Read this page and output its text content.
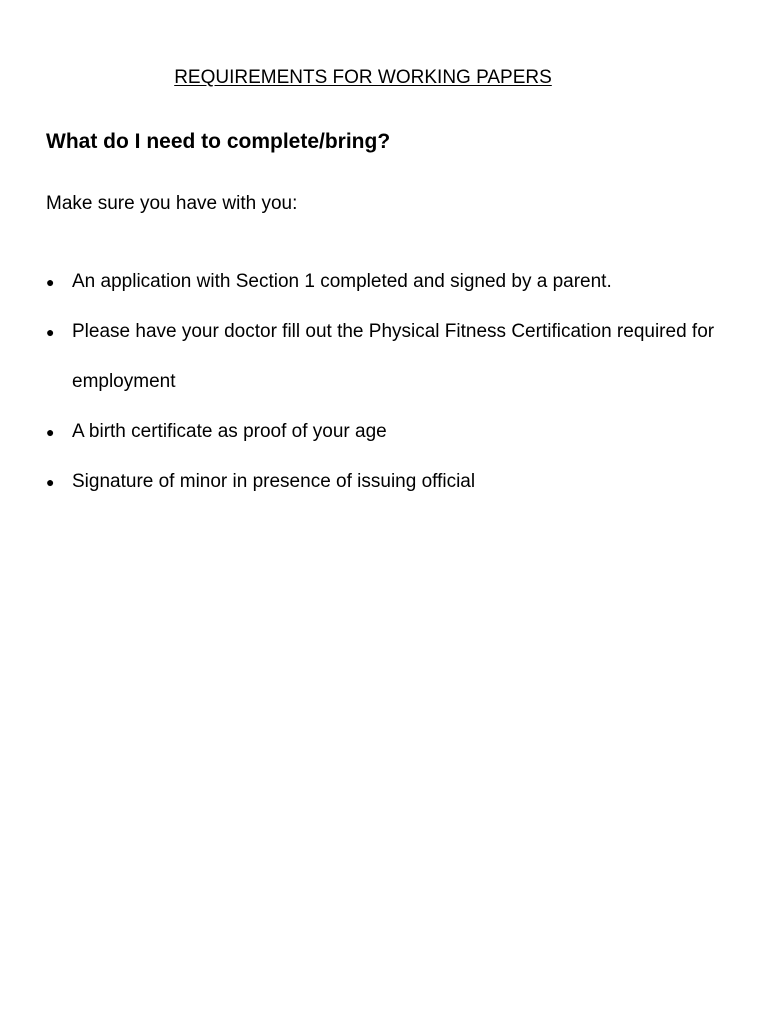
REQUIREMENTS FOR WORKING PAPERS
What do I need to complete/bring?

Make sure you have with you:

● An application with Section 1 completed and signed by a parent.
● Please have your doctor fill out the Physical Fitness Certification required for employment
● A birth certificate as proof of your age
● Signature of minor in presence of issuing official
